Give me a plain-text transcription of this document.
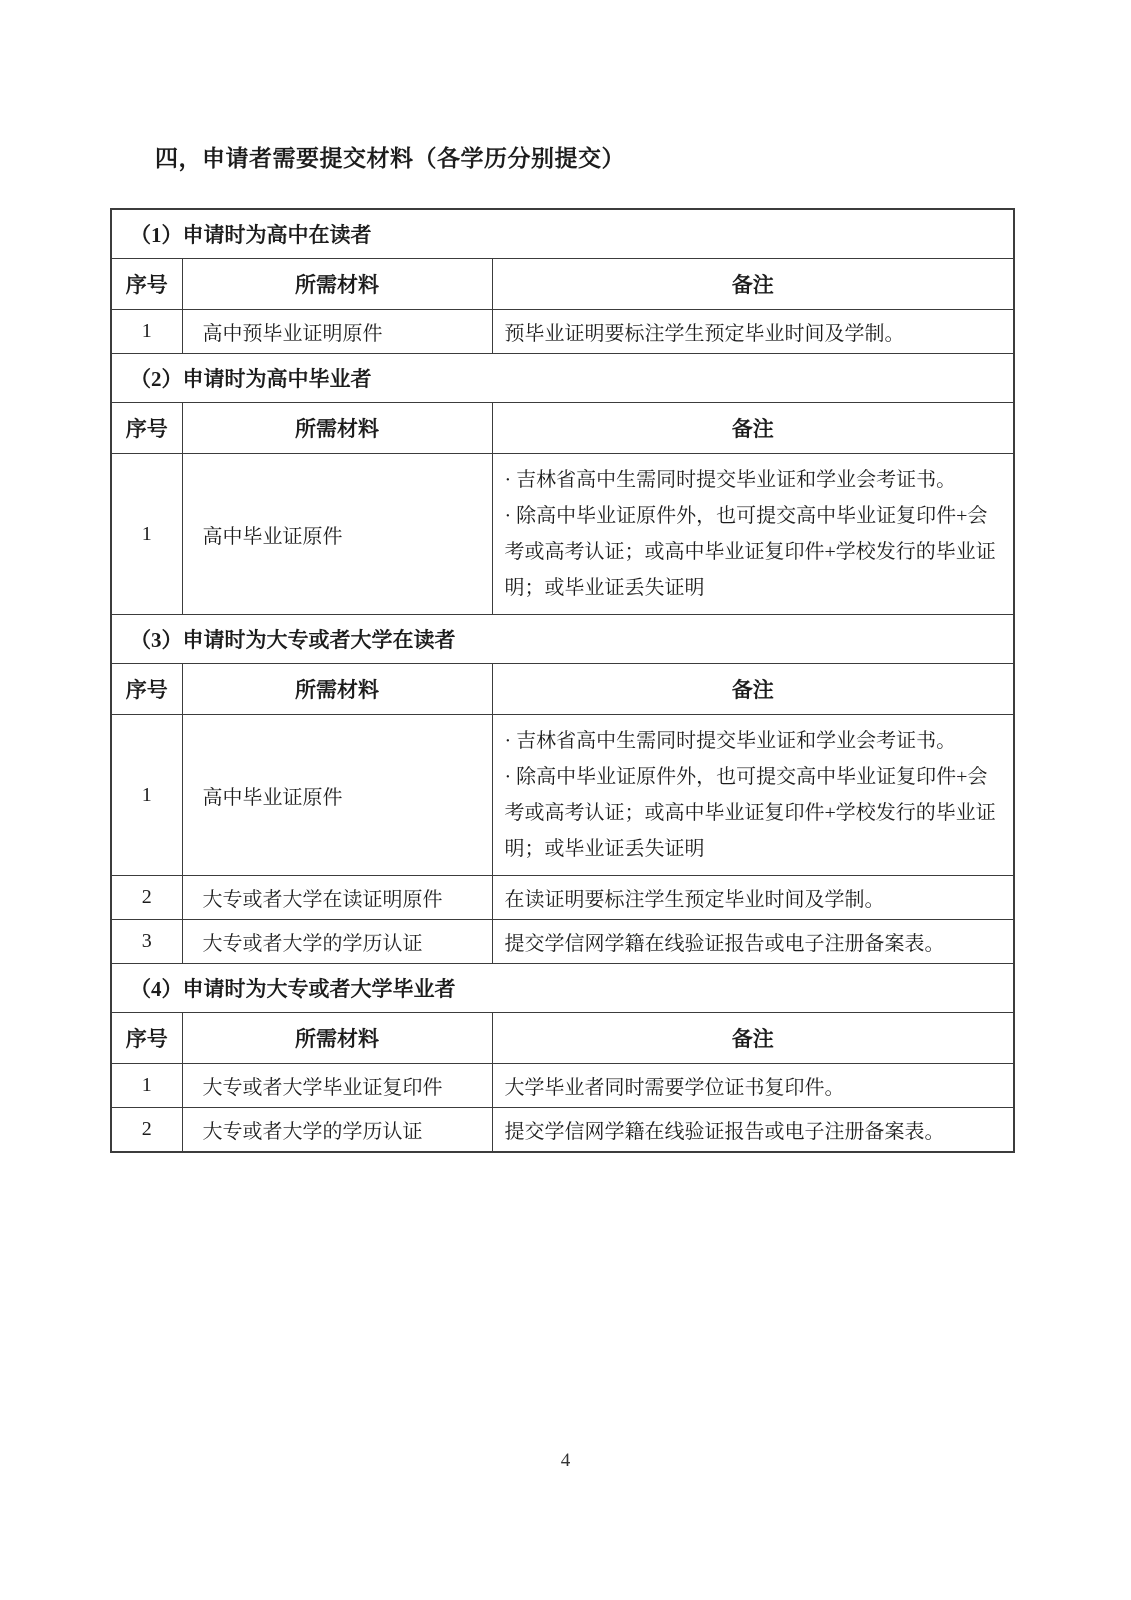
四，申请者需要提交材料（各学历分别提交）
（1）申请时为高中在读者		
序号	所需材料	备注
1	高中预毕业证明原件	预毕业证明要标注学生预定毕业时间及学制。

（2）申请时为高中毕业者		
序号	所需材料	备注
1	高中毕业证原件	· 吉林省高中生需同时提交毕业证和学业会考证书。
· 除高中毕业证原件外，也可提交高中毕业证复印件+会考或高考认证；或高中毕业证复印件+学校发行的毕业证明；或毕业证丢失证明

（3）申请时为大专或者大学在读者		
序号	所需材料	备注
1	高中毕业证原件	· 吉林省高中生需同时提交毕业证和学业会考证书。
· 除高中毕业证原件外，也可提交高中毕业证复印件+会考或高考认证；或高中毕业证复印件+学校发行的毕业证明；或毕业证丢失证明

2	大专或者大学在读证明原件	在读证明要标注学生预定毕业时间及学制。

3	大专或者大学的学历认证	提交学信网学籍在线验证报告或电子注册备案表。

（4）申请时为大专或者大学毕业者		
序号	所需材料	备注
1	大专或者大学毕业证复印件	大学毕业者同时需要学位证书复印件。

2	大专或者大学的学历认证	提交学信网学籍在线验证报告或电子注册备案表。
4
